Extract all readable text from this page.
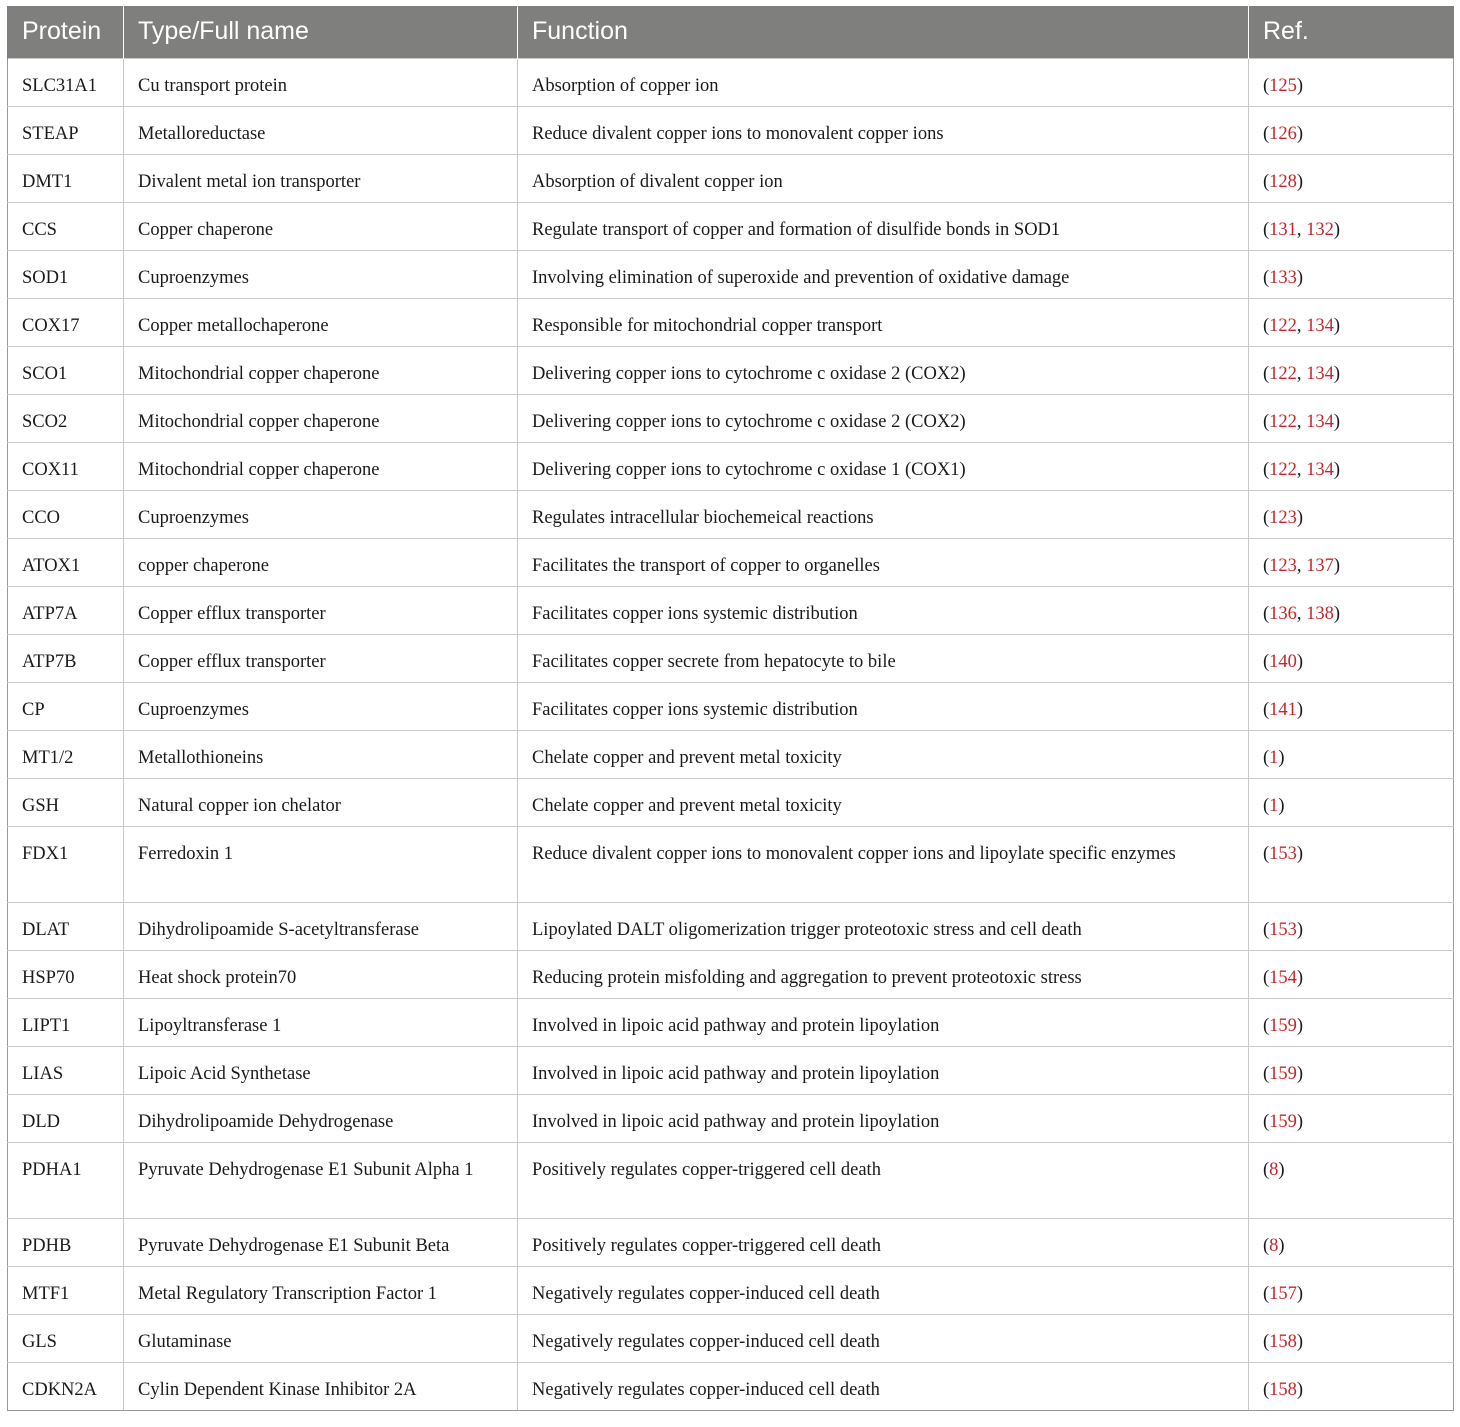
Protein	Type/Full name	Function	Ref.
SLC31A1	Cu transport protein	Absorption of copper ion	(125)
STEAP	Metalloreductase	Reduce divalent copper ions to monovalent copper ions	(126)
DMT1	Divalent metal ion transporter	Absorption of divalent copper ion	(128)
CCS	Copper chaperone	Regulate transport of copper and formation of disulfide bonds in SOD1	(131, 132)
SOD1	Cuproenzymes	Involving elimination of superoxide and prevention of oxidative damage	(133)
COX17	Copper metallochaperone	Responsible for mitochondrial copper transport	(122, 134)
SCO1	Mitochondrial copper chaperone	Delivering copper ions to cytochrome c oxidase 2 (COX2)	(122, 134)
SCO2	Mitochondrial copper chaperone	Delivering copper ions to cytochrome c oxidase 2 (COX2)	(122, 134)
COX11	Mitochondrial copper chaperone	Delivering copper ions to cytochrome c oxidase 1 (COX1)	(122, 134)
CCO	Cuproenzymes	Regulates intracellular biochemeical reactions	(123)
ATOX1	copper chaperone	Facilitates the transport of copper to organelles	(123, 137)
ATP7A	Copper efflux transporter	Facilitates copper ions systemic distribution	(136, 138)
ATP7B	Copper efflux transporter	Facilitates copper secrete from hepatocyte to bile	(140)
CP	Cuproenzymes	Facilitates copper ions systemic distribution	(141)
MT1/2	Metallothioneins	Chelate copper and prevent metal toxicity	(1)
GSH	Natural copper ion chelator	Chelate copper and prevent metal toxicity	(1)
FDX1	Ferredoxin 1	Reduce divalent copper ions to monovalent copper ions and lipoylate specific enzymes	(153)
DLAT	Dihydrolipoamide S-acetyltransferase	Lipoylated DALT oligomerization trigger proteotoxic stress and cell death	(153)
HSP70	Heat shock protein70	Reducing protein misfolding and aggregation to prevent proteotoxic stress	(154)
LIPT1	Lipoyltransferase 1	Involved in lipoic acid pathway and protein lipoylation	(159)
LIAS	Lipoic Acid Synthetase	Involved in lipoic acid pathway and protein lipoylation	(159)
DLD	Dihydrolipoamide Dehydrogenase	Involved in lipoic acid pathway and protein lipoylation	(159)
PDHA1	Pyruvate Dehydrogenase E1 Subunit Alpha 1	Positively regulates copper-triggered cell death	(8)
PDHB	Pyruvate Dehydrogenase E1 Subunit Beta	Positively regulates copper-triggered cell death	(8)
MTF1	Metal Regulatory Transcription Factor 1	Negatively regulates copper-induced cell death	(157)
GLS	Glutaminase	Negatively regulates copper-induced cell death	(158)
CDKN2A	Cylin Dependent Kinase Inhibitor 2A	Negatively regulates copper-induced cell death	(158)
